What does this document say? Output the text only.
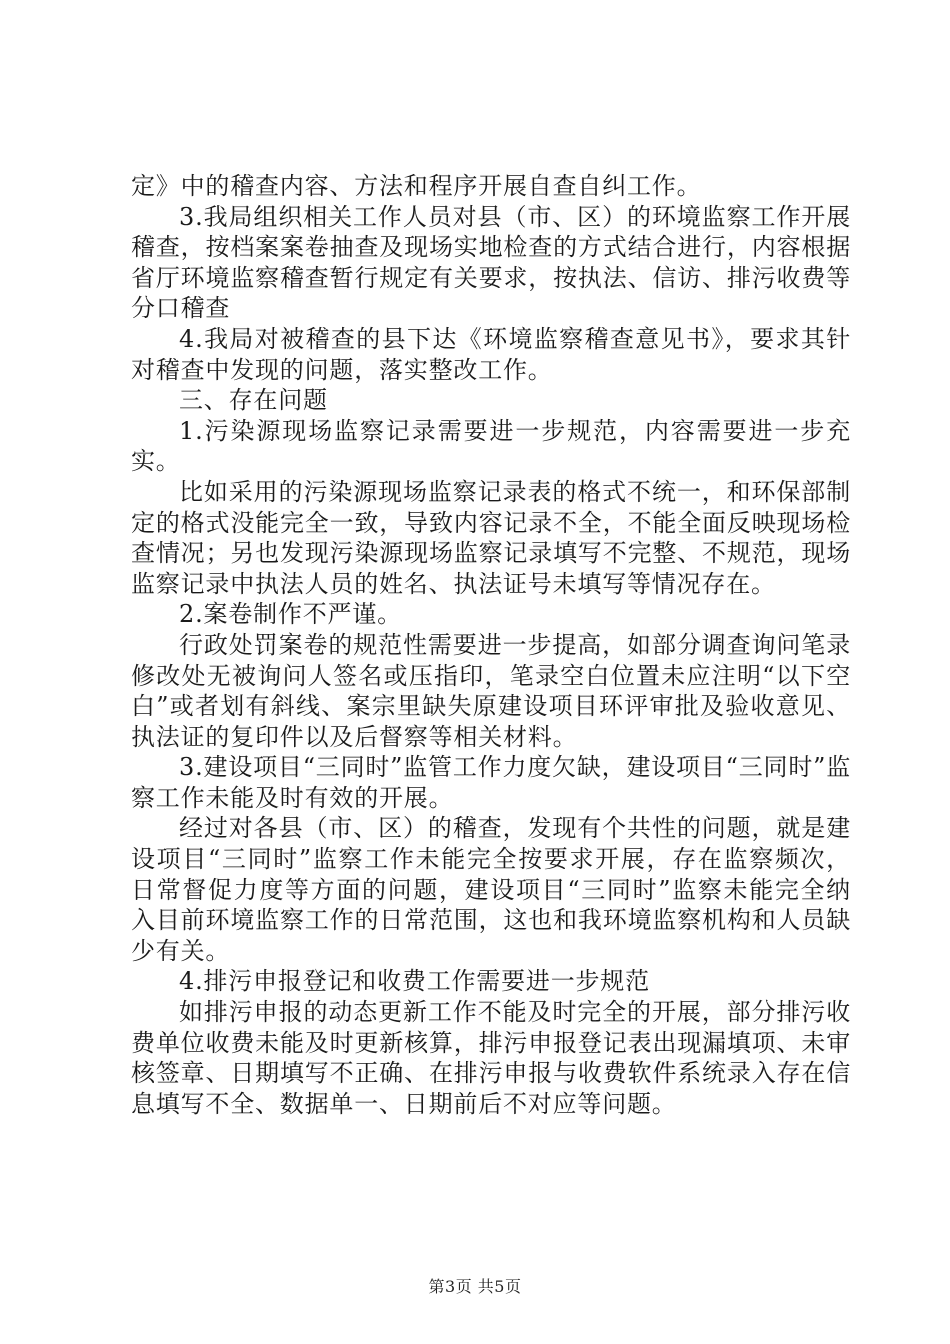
定》中的稽查内容、方法和程序开展自查自纠工作。

3.我局组织相关工作人员对县（市、区）的环境监察工作开展稽查，按档案案卷抽查及现场实地检查的方式结合进行，内容根据省厅环境监察稽查暂行规定有关要求，按执法、信访、排污收费等分口稽查

4.我局对被稽查的县下达《环境监察稽查意见书》，要求其针对稽查中发现的问题，落实整改工作。

三、存在问题

1.污染源现场监察记录需要进一步规范，内容需要进一步充实。

比如采用的污染源现场监察记录表的格式不统一，和环保部制定的格式没能完全一致，导致内容记录不全，不能全面反映现场检查情况；另也发现污染源现场监察记录填写不完整、不规范，现场监察记录中执法人员的姓名、执法证号未填写等情况存在。

2.案卷制作不严谨。

行政处罚案卷的规范性需要进一步提高，如部分调查询问笔录修改处无被询问人签名或压指印，笔录空白位置未应注明“以下空白”或者划有斜线、案宗里缺失原建设项目环评审批及验收意见、执法证的复印件以及后督察等相关材料。

3.建设项目“三同时”监管工作力度欠缺，建设项目“三同时”监察工作未能及时有效的开展。

经过对各县（市、区）的稽查，发现有个共性的问题，就是建设项目“三同时”监察工作未能完全按要求开展，存在监察频次，日常督促力度等方面的问题，建设项目“三同时”监察未能完全纳入目前环境监察工作的日常范围，这也和我环境监察机构和人员缺少有关。

4.排污申报登记和收费工作需要进一步规范

如排污申报的动态更新工作不能及时完全的开展，部分排污收费单位收费未能及时更新核算，排污申报登记表出现漏填项、未审核签章、日期填写不正确、在排污申报与收费软件系统录入存在信息填写不全、数据单一、日期前后不对应等问题。

第3页 共5页
